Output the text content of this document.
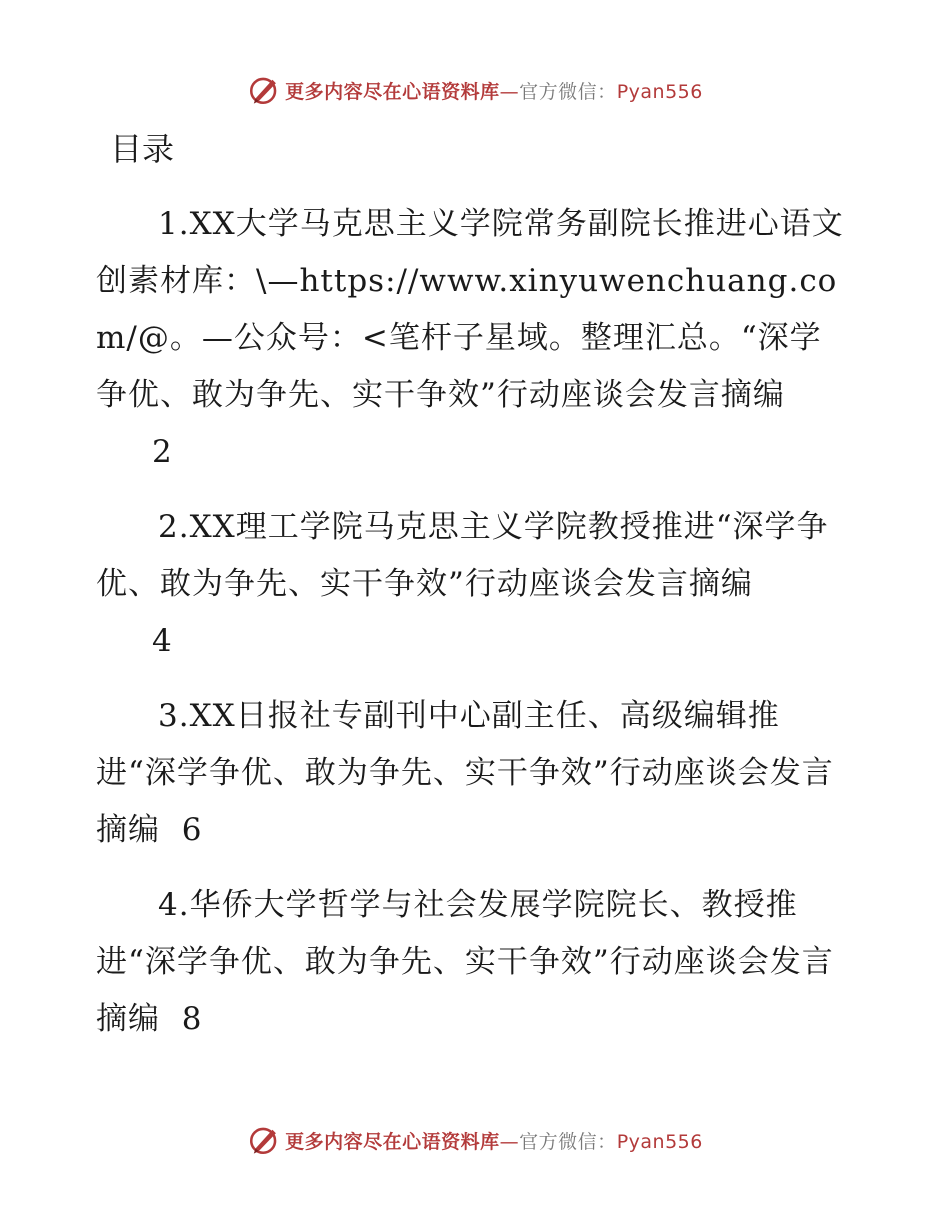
更多内容尽在心语资料库—官方微信：Pyan556
目录
1.XX大学马克思主义学院常务副院长推进心语文创素材库：\—https://www.xinyuwenchuang.com/@。—公众号：<笔杆子星域。整理汇总。“深学争优、敢为争先、实干争效”行动座谈会发言摘编
2
2.XX理工学院马克思主义学院教授推进“深学争优、敢为争先、实干争效”行动座谈会发言摘编
4
3.XX日报社专副刊中心副主任、高级编辑推进“深学争优、敢为争先、实干争效”行动座谈会发言摘编 6
4.华侨大学哲学与社会发展学院院长、教授推进“深学争优、敢为争先、实干争效”行动座谈会发言摘编 8
更多内容尽在心语资料库—官方微信：Pyan556
